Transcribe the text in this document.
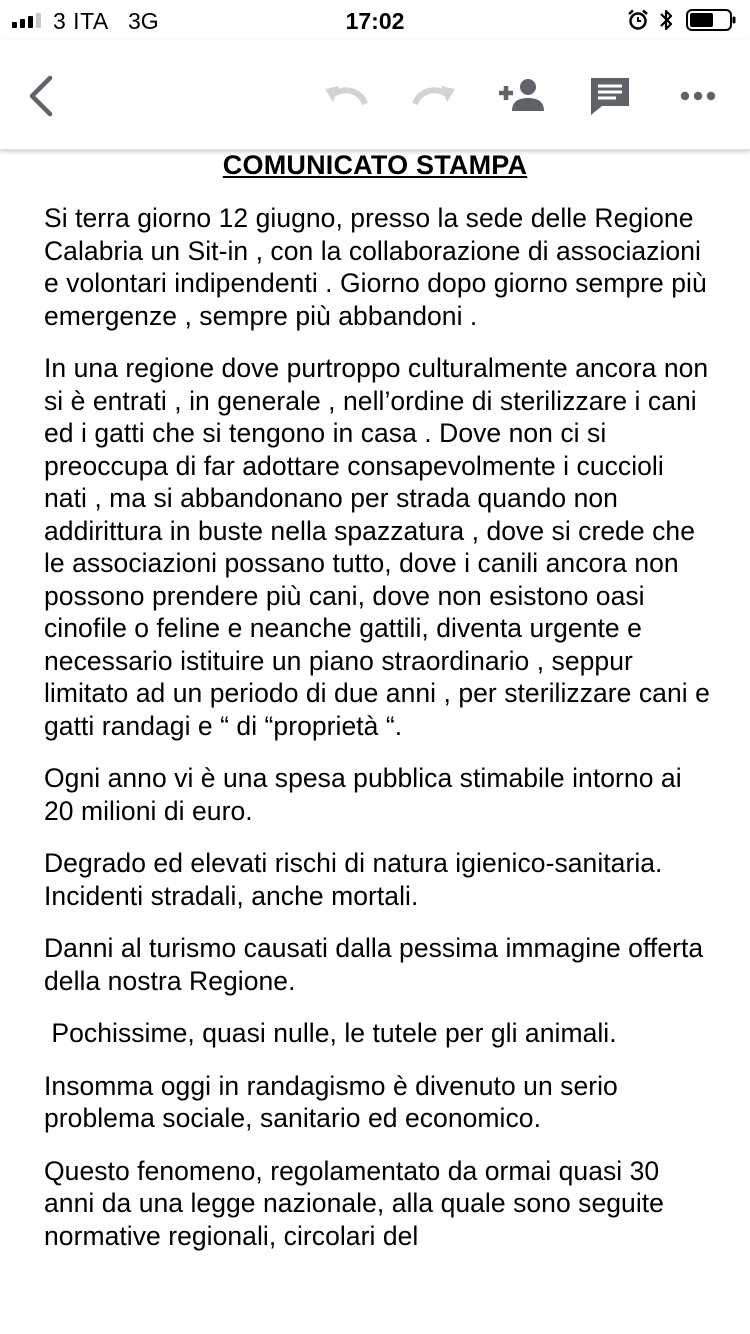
3 ITA 3G	17:02
COMUNICATO STAMPA

Si terra giorno 12 giugno, presso la sede delle Regione Calabria un Sit-in , con la collaborazione di associazioni e volontari indipendenti . Giorno dopo giorno sempre più emergenze , sempre più abbandoni .

In una regione dove purtroppo culturalmente ancora non si è entrati , in generale , nell’ordine di sterilizzare i cani ed i gatti che si tengono in casa . Dove non ci si preoccupa di far adottare consapevolmente i cuccioli nati , ma si abbandonano per strada quando non addirittura in buste nella spazzatura , dove si crede che le associazioni possano tutto, dove i canili ancora non possono prendere più cani, dove non esistono oasi cinofile o feline e neanche gattili, diventa urgente e necessario istituire un piano straordinario , seppur limitato ad un periodo di due anni , per sterilizzare cani e gatti randagi e “ di “proprietà “.

Ogni anno vi è una spesa pubblica stimabile intorno ai 20 milioni di euro.

Degrado ed elevati rischi di natura igienico-sanitaria. Incidenti stradali, anche mortali.

Danni al turismo causati dalla pessima immagine offerta della nostra Regione.

Pochissime, quasi nulle, le tutele per gli animali.

Insomma oggi in randagismo è divenuto un serio problema sociale, sanitario ed economico.

Questo fenomeno, regolamentato da ormai quasi 30 anni da una legge nazionale, alla quale sono seguite normative regionali, circolari del
